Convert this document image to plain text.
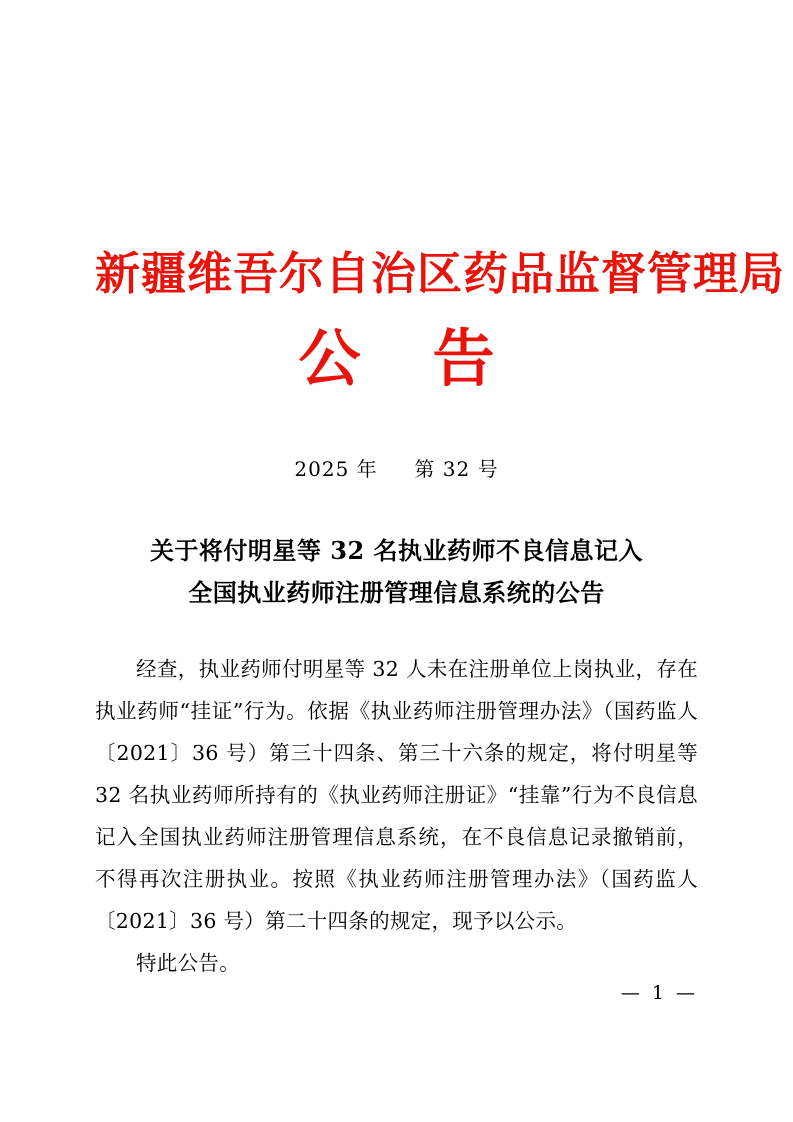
新疆维吾尔自治区药品监督管理局
公告
2025 年 第 32 号
关于将付明星等 32 名执业药师不良信息记入
全国执业药师注册管理信息系统的公告

经查，执业药师付明星等 32 人未在注册单位上岗执业，存在执业药师“挂证”行为。依据《执业药师注册管理办法》（国药监人〔2021〕36 号）第三十四条、第三十六条的规定，将付明星等 32 名执业药师所持有的《执业药师注册证》“挂靠”行为不良信息记入全国执业药师注册管理信息系统，在不良信息记录撤销前，不得再次注册执业。按照《执业药师注册管理办法》（国药监人〔2021〕36 号）第二十四条的规定，现予以公示。

特此公告。

— 1 —
